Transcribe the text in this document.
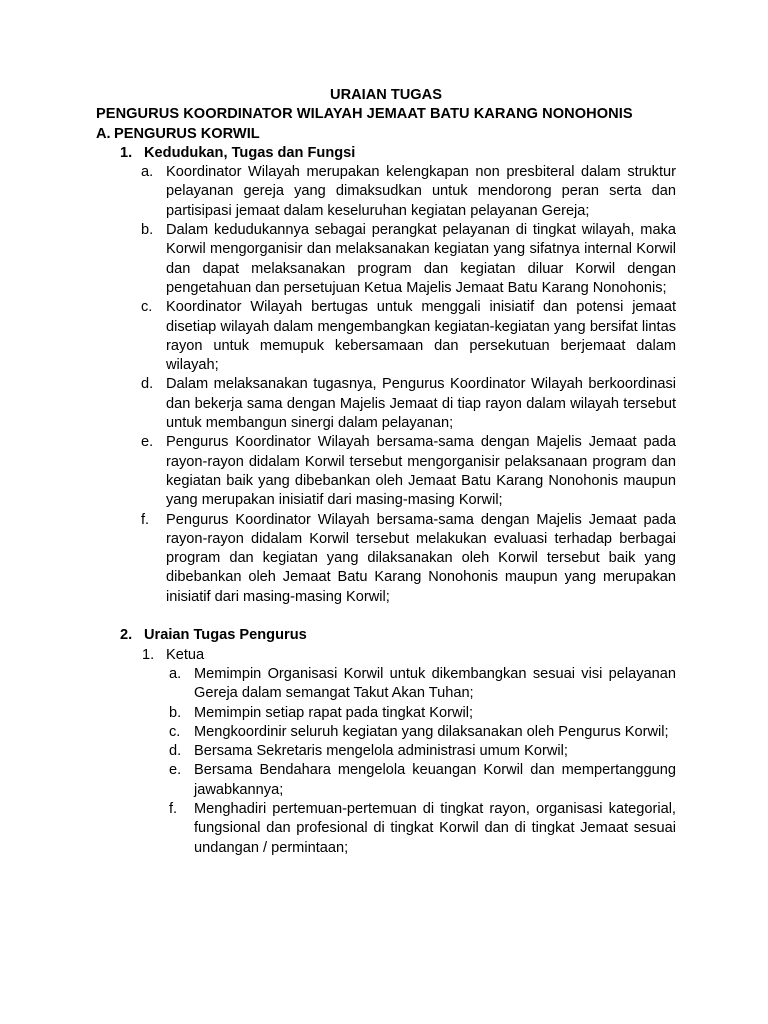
URAIAN TUGAS

PENGURUS KOORDINATOR WILAYAH JEMAAT BATU KARANG NONOHONIS

A. PENGURUS KORWIL

1. Kedudukan, Tugas dan Fungsi

a. Koordinator Wilayah merupakan kelengkapan non presbiteral dalam struktur pelayanan gereja yang dimaksudkan untuk mendorong peran serta dan partisipasi jemaat dalam keseluruhan kegiatan pelayanan Gereja;
b. Dalam kedudukannya sebagai perangkat pelayanan di tingkat wilayah, maka Korwil mengorganisir dan melaksanakan kegiatan yang sifatnya internal Korwil dan dapat melaksanakan program dan kegiatan diluar Korwil dengan pengetahuan dan persetujuan Ketua Majelis Jemaat Batu Karang Nonohonis;
c. Koordinator Wilayah bertugas untuk menggali inisiatif dan potensi jemaat disetiap wilayah dalam mengembangkan kegiatan-kegiatan yang bersifat lintas rayon untuk memupuk kebersamaan dan persekutuan berjemaat dalam wilayah;
d. Dalam melaksanakan tugasnya, Pengurus Koordinator Wilayah berkoordinasi dan bekerja sama dengan Majelis Jemaat di tiap rayon dalam wilayah tersebut untuk membangun sinergi dalam pelayanan;
e. Pengurus Koordinator Wilayah bersama-sama dengan Majelis Jemaat pada rayon-rayon didalam Korwil tersebut mengorganisir pelaksanaan program dan kegiatan baik yang dibebankan oleh Jemaat Batu Karang Nonohonis maupun yang merupakan inisiatif dari masing-masing Korwil;
f. Pengurus Koordinator Wilayah bersama-sama dengan Majelis Jemaat pada rayon-rayon didalam Korwil tersebut melakukan evaluasi terhadap berbagai program dan kegiatan yang dilaksanakan oleh Korwil tersebut baik yang dibebankan oleh Jemaat Batu Karang Nonohonis maupun yang merupakan inisiatif dari masing-masing Korwil;

2. Uraian Tugas Pengurus

1. Ketua

a. Memimpin Organisasi Korwil untuk dikembangkan sesuai visi pelayanan Gereja dalam semangat Takut Akan Tuhan;
b. Memimpin setiap rapat pada tingkat Korwil;
c. Mengkoordinir seluruh kegiatan yang dilaksanakan oleh Pengurus Korwil;
d. Bersama Sekretaris mengelola administrasi umum Korwil;
e. Bersama Bendahara mengelola keuangan Korwil dan mempertanggung jawabkannya;
f. Menghadiri pertemuan-pertemuan di tingkat rayon, organisasi kategorial, fungsional dan profesional di tingkat Korwil dan di tingkat Jemaat sesuai undangan / permintaan;
